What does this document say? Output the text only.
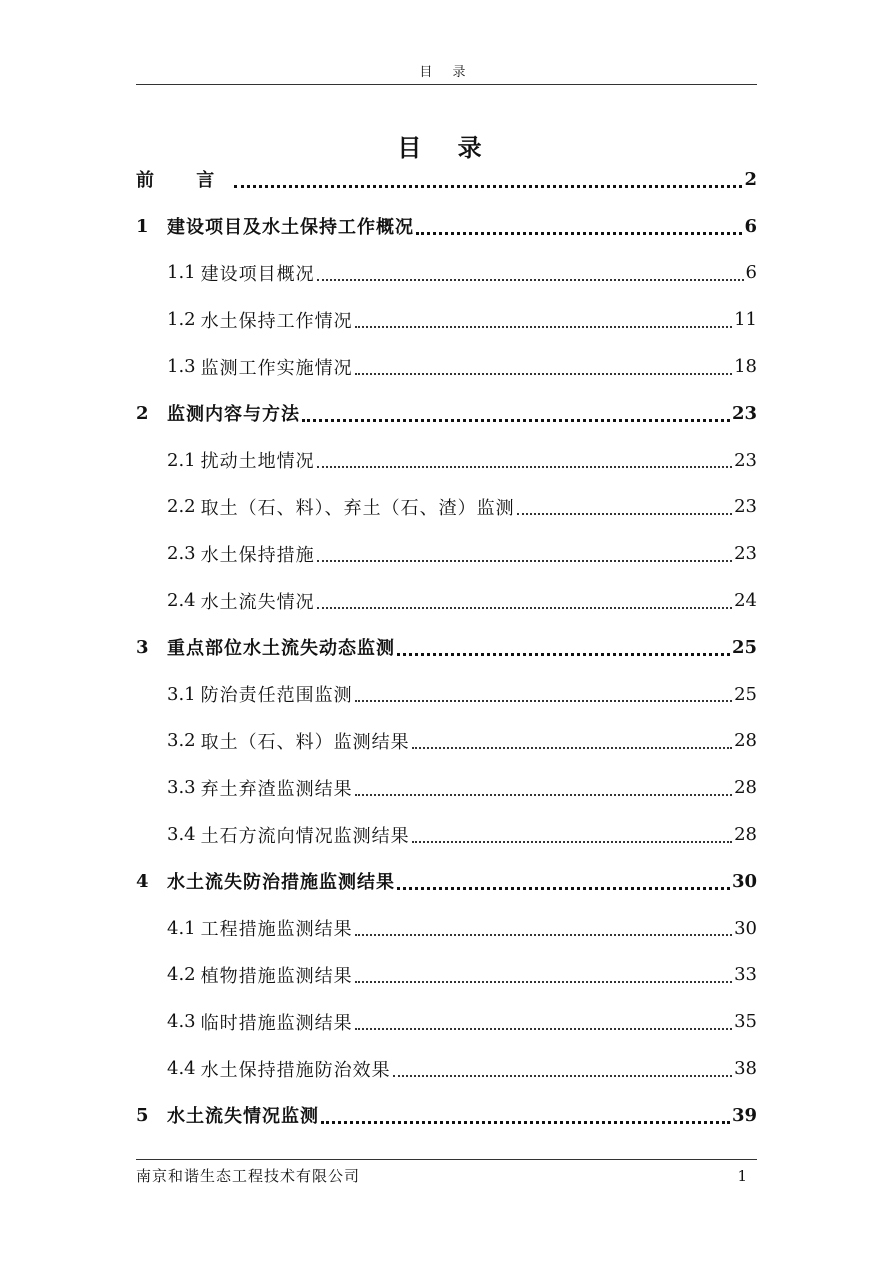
目 录
目 录
前 言	2
1	建设项目及水土保持工作概况	6
1.1 建设项目概况	6
1.2 水土保持工作情况	11
1.3 监测工作实施情况	18
2	监测内容与方法	23
2.1 扰动土地情况	23
2.2 取土（石、料）、弃土（石、渣）监测	23
2.3 水土保持措施	23
2.4 水土流失情况	24
3	重点部位水土流失动态监测	25
3.1 防治责任范围监测	25
3.2 取土（石、料）监测结果	28
3.3 弃土弃渣监测结果	28
3.4 土石方流向情况监测结果	28
4	水土流失防治措施监测结果	30
4.1 工程措施监测结果	30
4.2 植物措施监测结果	33
4.3 临时措施监测结果	35
4.4 水土保持措施防治效果	38
5	水土流失情况监测	39
南京和谐生态工程技术有限公司	1
